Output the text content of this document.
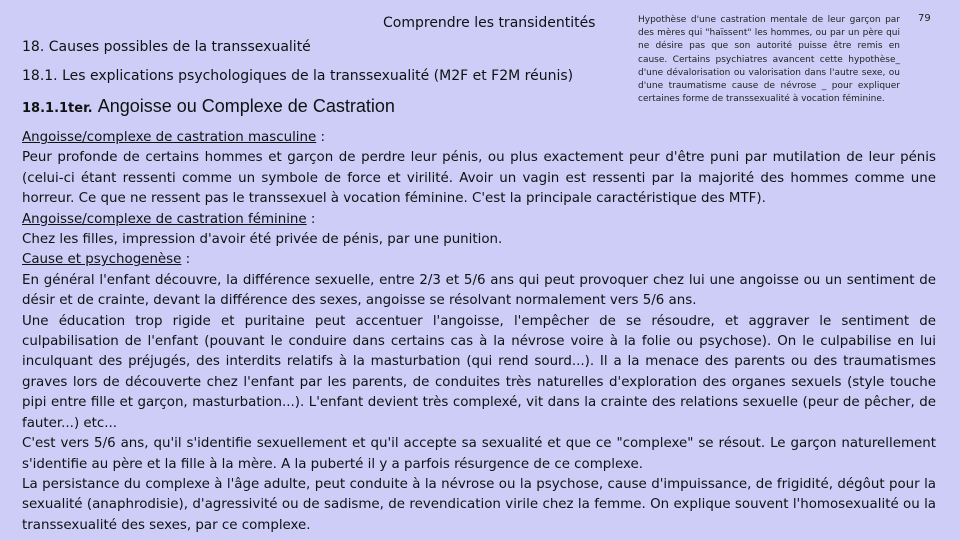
Comprendre les transidentités	79
18. Causes possibles de la transsexualité
18.1. Les explications psychologiques de la transsexualité (M2F et F2M réunis)
18.1.1ter. Angoisse ou Complexe de Castration
Hypothèse d'une castration mentale de leur garçon par des mères qui "haïssent" les hommes, ou par un père qui ne désire pas que son autorité puisse être remis en cause. Certains psychiatres avancent cette hypothèse_ d'une dévalorisation ou valorisation dans l'autre sexe, ou d'une traumatisme cause de névrose _ pour expliquer certaines forme de transsexualité à vocation féminine.

Angoisse/complexe de castration masculine :

Peur profonde de certains hommes et garçon de perdre leur pénis, ou plus exactement peur d'être puni par mutilation de leur pénis (celui-ci étant ressenti comme un symbole de force et virilité. Avoir un vagin est ressenti par la majorité des hommes comme une horreur. Ce que ne ressent pas le transsexuel à vocation féminine. C'est la principale caractéristique des MTF).

Angoisse/complexe de castration féminine :

Chez les filles, impression d'avoir été privée de pénis, par une punition.

Cause et psychogenèse :

En général l'enfant découvre, la différence sexuelle, entre 2/3 et 5/6 ans qui peut provoquer chez lui une angoisse ou un sentiment de désir et de crainte, devant la différence des sexes, angoisse se résolvant normalement vers 5/6 ans.

Une éducation trop rigide et puritaine peut accentuer l'angoisse, l'empêcher de se résoudre, et aggraver le sentiment de culpabilisation de l'enfant (pouvant le conduire dans certains cas à la névrose voire à la folie ou psychose). On le culpabilise en lui inculquant des préjugés, des interdits relatifs à la masturbation (qui rend sourd...). Il a la menace des parents ou des traumatismes graves lors de découverte chez l'enfant par les parents, de conduites très naturelles d'exploration des organes sexuels (style touche pipi entre fille et garçon, masturbation...). L'enfant devient très complexé, vit dans la crainte des relations sexuelle (peur de pêcher, de fauter...) etc...

C'est vers 5/6 ans, qu'il s'identifie sexuellement et qu'il accepte sa sexualité et que ce "complexe" se résout. Le garçon naturellement s'identifie au père et la fille à la mère. A la puberté il y a parfois résurgence de ce complexe.

La persistance du complexe à l'âge adulte, peut conduite à la névrose ou la psychose, cause d'impuissance, de frigidité, dégôut pour la sexualité (anaphrodisie), d'agressivité ou de sadisme, de revendication virile chez la femme. On explique souvent l'homosexualité ou la transsexualité des sexes, par ce complexe.
